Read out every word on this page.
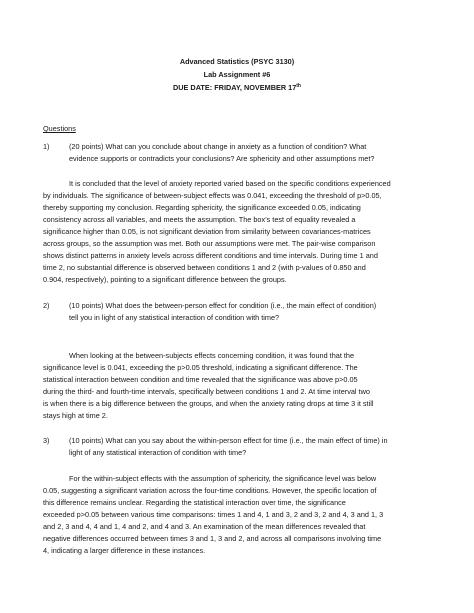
Advanced Statistics (PSYC 3130)
Lab Assignment #6
DUE DATE: FRIDAY, NOVEMBER 17th
Questions
1)	(20 points) What can you conclude about change in anxiety as a function of condition? What
evidence supports or contradicts your conclusions? Are sphericity and other assumptions met?
It is concluded that the level of anxiety reported varied based on the specific conditions experienced
by individuals. The significance of between-subject effects was 0.041, exceeding the threshold of p>0.05,
thereby supporting my conclusion. Regarding sphericity, the significance exceeded 0.05, indicating
consistency across all variables, and meets the assumption. The box’s test of equality revealed a
significance higher than 0.05, is not significant deviation from similarity between covariances-matrices
across groups, so the assumption was met. Both our assumptions were met. The pair-wise comparison
shows distinct patterns in anxiety levels across different conditions and time intervals. During time 1 and
time 2, no substantial difference is observed between conditions 1 and 2 (with p-values of 0.850 and
0.904, respectively), pointing to a significant difference between the groups.
2)	(10 points) What does the between-person effect for condition (i.e., the main effect of condition)
tell you in light of any statistical interaction of condition with time?
When looking at the between-subjects effects concerning condition, it was found that the
significance level is 0.041, exceeding the p>0.05 threshold, indicating a significant difference. The
statistical interaction between condition and time revealed that the significance was above p>0.05
during the third- and fourth-time intervals, specifically between conditions 1 and 2. At time interval two
is when there is a big difference between the groups, and when the anxiety rating drops at time 3 it still
stays high at time 2.
3)	(10 points) What can you say about the within-person effect for time (i.e., the main effect of time) in
light of any statistical interaction of condition with time?
For the within-subject effects with the assumption of sphericity, the significance level was below
0.05, suggesting a significant variation across the four-time conditions. However, the specific location of
this difference remains unclear. Regarding the statistical interaction over time, the significance
exceeded p>0.05 between various time comparisons: times 1 and 4, 1 and 3, 2 and 3, 2 and 4, 3 and 1, 3
and 2, 3 and 4, 4 and 1, 4 and 2, and 4 and 3. An examination of the mean differences revealed that
negative differences occurred between times 3 and 1, 3 and 2, and across all comparisons involving time
4, indicating a larger difference in these instances.
